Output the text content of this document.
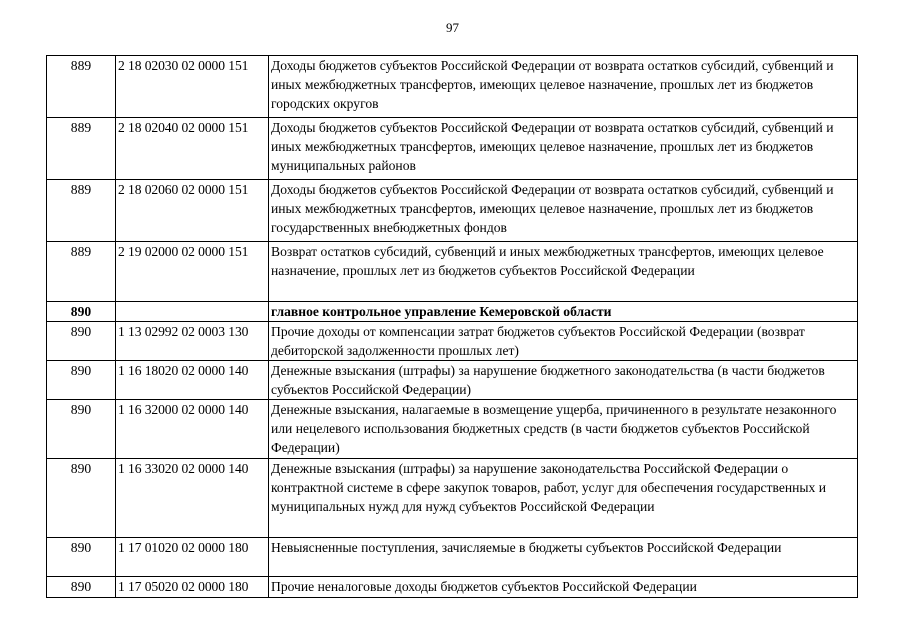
97
889	2 18 02030 02 0000 151	Доходы бюджетов субъектов Российской Федерации от возврата остатков субсидий, субвенций и иных межбюджетных трансфертов, имеющих целевое назначение, прошлых лет из бюджетов городских округов
889	2 18 02040 02 0000 151	Доходы бюджетов субъектов Российской Федерации от возврата остатков субсидий, субвенций и иных межбюджетных трансфертов, имеющих целевое назначение, прошлых лет из бюджетов муниципальных районов
889	2 18 02060 02 0000 151	Доходы бюджетов субъектов Российской Федерации от возврата остатков субсидий, субвенций и иных межбюджетных трансфертов, имеющих целевое назначение, прошлых лет из бюджетов государственных внебюджетных фондов
889	2 19 02000 02 0000 151	Возврат остатков субсидий, субвенций и иных межбюджетных трансфертов, имеющих целевое назначение, прошлых лет из бюджетов субъектов Российской Федерации
890		главное контрольное управление Кемеровской области
890	1 13 02992 02 0003 130	Прочие доходы от компенсации затрат бюджетов субъектов Российской Федерации (возврат дебиторской задолженности прошлых лет)
890	1 16 18020 02 0000 140	Денежные взыскания (штрафы) за нарушение бюджетного законодательства (в части бюджетов субъектов Российской Федерации)
890	1 16 32000 02 0000 140	Денежные взыскания, налагаемые в возмещение ущерба, причиненного в результате незаконного или нецелевого использования бюджетных средств (в части бюджетов субъектов Российской Федерации)
890	1 16 33020 02 0000 140	Денежные взыскания (штрафы) за нарушение законодательства Российской Федерации о контрактной системе в сфере закупок товаров, работ, услуг для обеспечения государственных и муниципальных нужд для нужд субъектов Российской Федерации
890	1 17 01020 02 0000 180	Невыясненные поступления, зачисляемые в бюджеты субъектов Российской Федерации
890	1 17 05020 02 0000 180	Прочие неналоговые доходы бюджетов субъектов Российской Федерации
